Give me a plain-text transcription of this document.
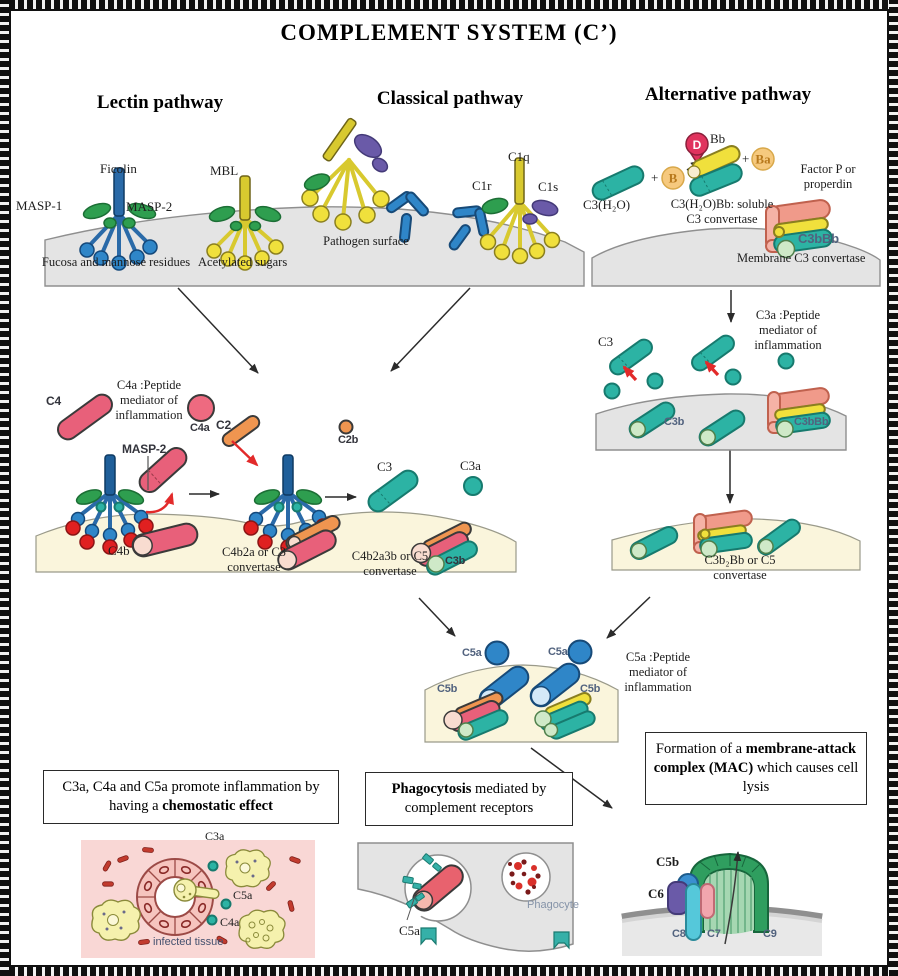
COMPLEMENT SYSTEM (C’)
Lectin pathway	Classical pathway	Alternative pathway
Ficolin
MASP-1	MASP-2
Fucosa and mannose residues
MBL
Acetylated sugars
Pathogen surface
C1q
C1r	C1s
C3(H₂O)
+ B
D Bb
+ Ba
C3(H₂O)Bb: soluble C3 convertase
Factor P or properdin
C3bBb
Membrane C3 convertase
C4
C4a :Peptide mediator of inflammation
C4a C2
MASP-2
C4b
C2b
C4b2a or C3 convertase
C3	C3a
C4b2a3b or C5 convertase
C3b
C3a :Peptide mediator of inflammation
C3
C3b	C3bBb
C3b₂Bb or C5 convertase
C5a :Peptide mediator of inflammation
C5a	C5a
C5b	C5b
C3a, C4a and C5a promote inflammation by having a chemostatic effect
Phagocytosis mediated by complement receptors
Formation of a membrane-attack complex (MAC) which causes cell lysis
C3a
C5a
C4a
infected tissue
C5a
Phagocyte
C5b
C6
C8 C7	C9
